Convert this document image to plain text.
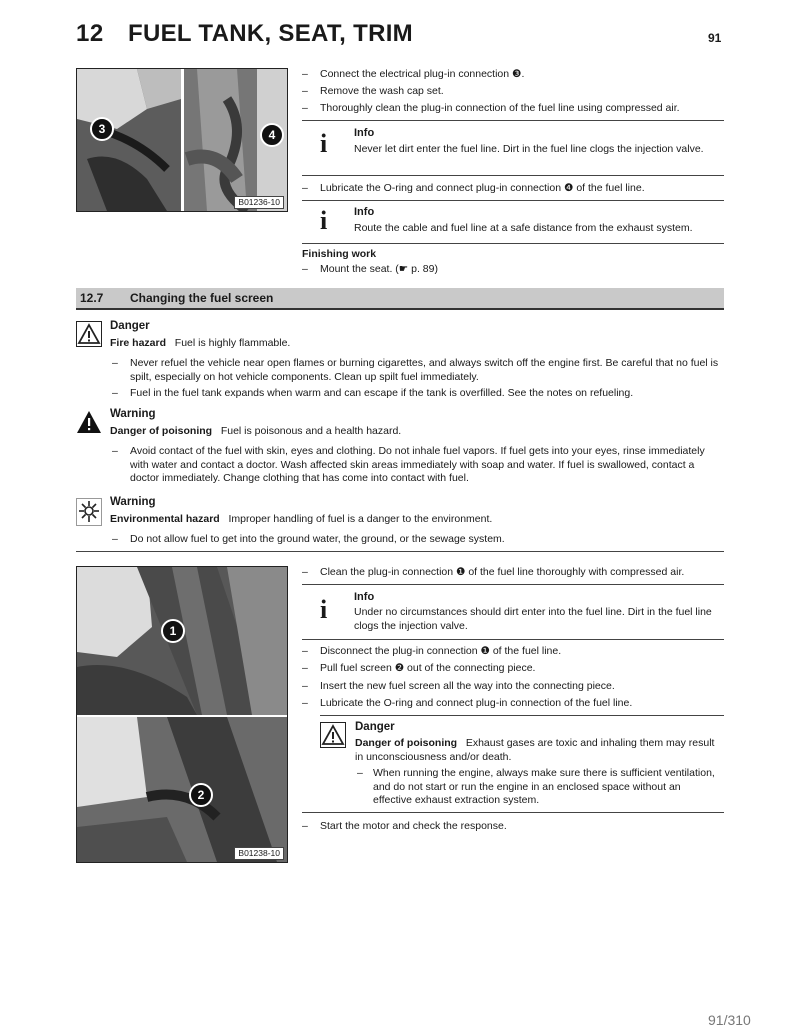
12 FUEL TANK, SEAT, TRIM	91
3	4
B01236-10
– Connect the electrical plug-in connection ❸.
– Remove the wash cap set.
– Thoroughly clean the plug-in connection of the fuel line using compressed air.
i Info
Never let dirt enter the fuel line. Dirt in the fuel line clogs the injection valve.
– Lubricate the O-ring and connect plug-in connection ❹ of the fuel line.
i Info
Route the cable and fuel line at a safe distance from the exhaust system.
Finishing work
– Mount the seat. (☛ p. 89)
12.7 Changing the fuel screen
Danger
Fire hazard Fuel is highly flammable.
– Never refuel the vehicle near open flames or burning cigarettes, and always switch off the engine first. Be careful that no fuel is spilt, especially on hot vehicle components. Clean up spilt fuel immediately.
– Fuel in the fuel tank expands when warm and can escape if the tank is overfilled. See the notes on refueling.
Warning
Danger of poisoning Fuel is poisonous and a health hazard.
– Avoid contact of the fuel with skin, eyes and clothing. Do not inhale fuel vapors. If fuel gets into your eyes, rinse immediately with water and contact a doctor. Wash affected skin areas immediately with soap and water. If fuel is swallowed, contact a doctor immediately. Change clothing that has come into contact with fuel.
Warning
Environmental hazard Improper handling of fuel is a danger to the environment.
– Do not allow fuel to get into the ground water, the ground, or the sewage system.
1
2
B01238-10
– Clean the plug-in connection ❶ of the fuel line thoroughly with compressed air.
i Info
Under no circumstances should dirt enter into the fuel line. Dirt in the fuel line clogs the injection valve.
– Disconnect the plug-in connection ❶ of the fuel line.
– Pull fuel screen ❷ out of the connecting piece.
– Insert the new fuel screen all the way into the connecting piece.
– Lubricate the O-ring and connect plug-in connection of the fuel line.
Danger
Danger of poisoning Exhaust gases are toxic and inhaling them may result in unconsciousness and/or death.
– When running the engine, always make sure there is sufficient ventilation, and do not start or run the engine in an enclosed space without an effective exhaust extraction system.
– Start the motor and check the response.
91/310
